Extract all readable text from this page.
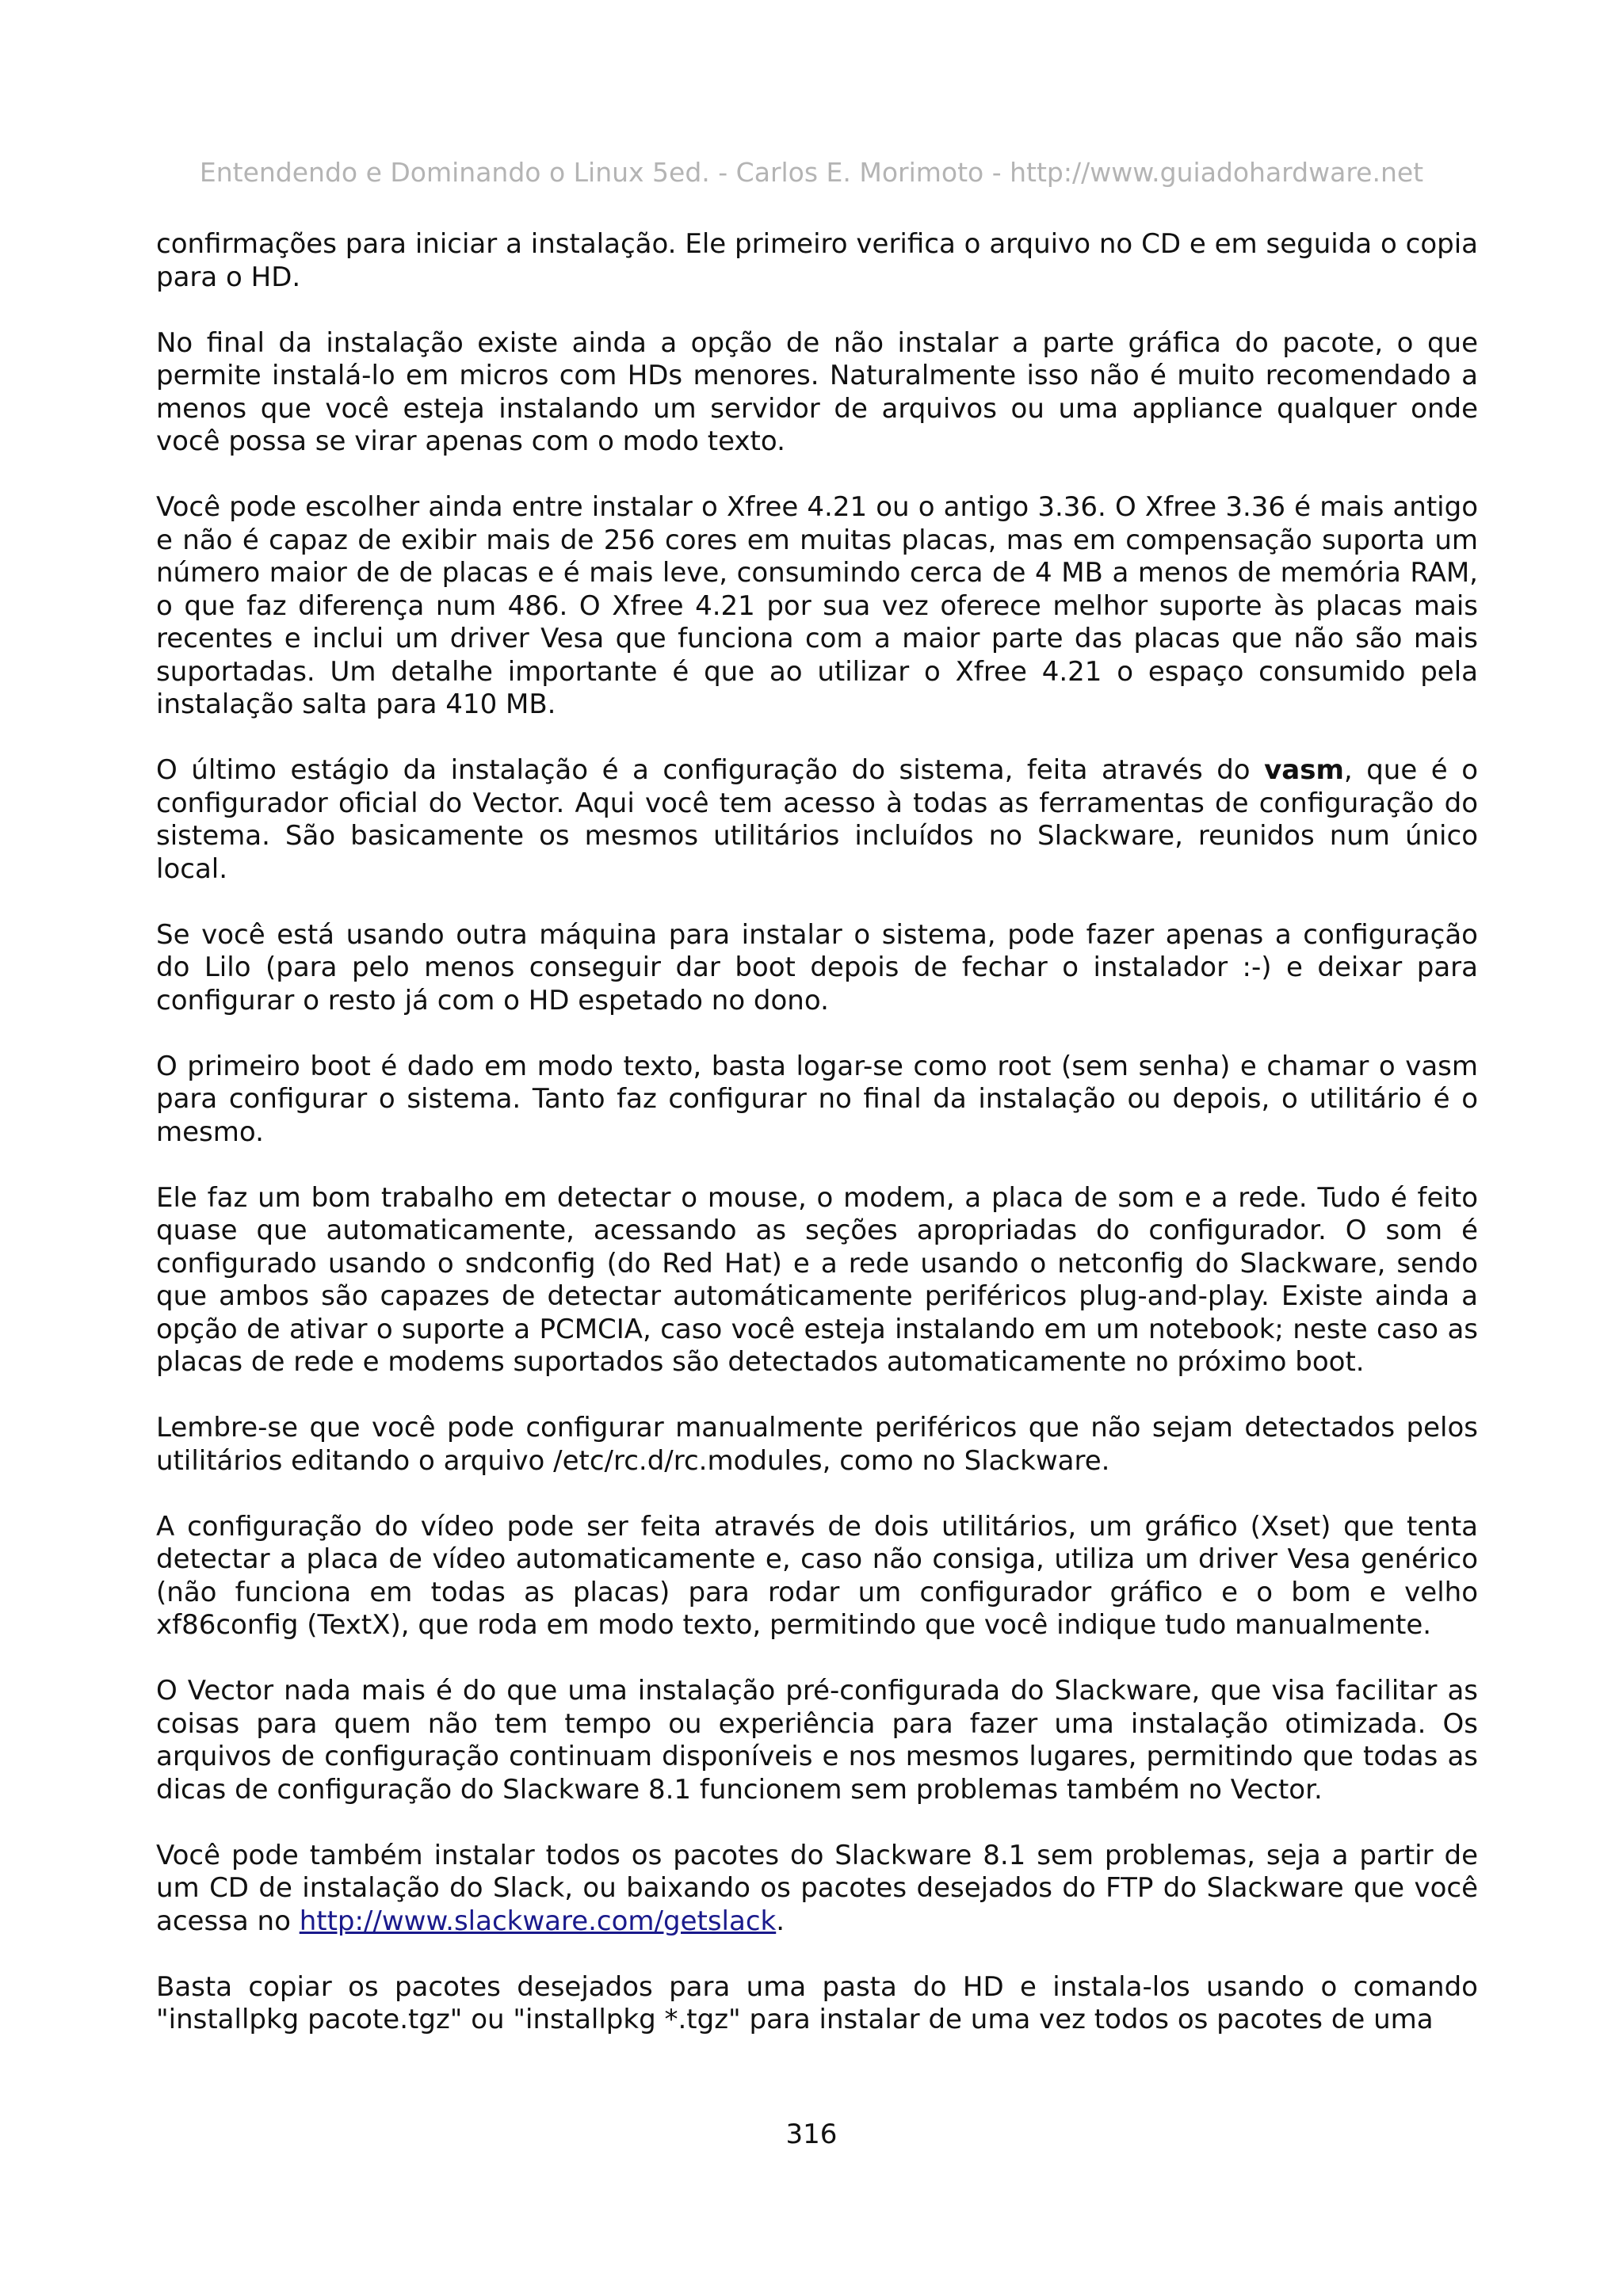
Entendendo e Dominando o Linux 5ed. - Carlos E. Morimoto - http://www.guiadohardware.net

confirmações para iniciar a instalação. Ele primeiro verifica o arquivo no CD e em seguida o copia para o HD.

No final da instalação existe ainda a opção de não instalar a parte gráfica do pacote, o que permite instalá-lo em micros com HDs menores. Naturalmente isso não é muito recomendado a menos que você esteja instalando um servidor de arquivos ou uma appliance qualquer onde você possa se virar apenas com o modo texto.

Você pode escolher ainda entre instalar o Xfree 4.21 ou o antigo 3.36. O Xfree 3.36 é mais antigo e não é capaz de exibir mais de 256 cores em muitas placas, mas em compensação suporta um número maior de de placas e é mais leve, consumindo cerca de 4 MB a menos de memória RAM, o que faz diferença num 486. O Xfree 4.21 por sua vez oferece melhor suporte às placas mais recentes e inclui um driver Vesa que funciona com a maior parte das placas que não são mais suportadas. Um detalhe importante é que ao utilizar o Xfree 4.21 o espaço consumido pela instalação salta para 410 MB.

O último estágio da instalação é a configuração do sistema, feita através do vasm, que é o configurador oficial do Vector. Aqui você tem acesso à todas as ferramentas de configuração do sistema. São basicamente os mesmos utilitários incluídos no Slackware, reunidos num único local.

Se você está usando outra máquina para instalar o sistema, pode fazer apenas a configuração do Lilo (para pelo menos conseguir dar boot depois de fechar o instalador :-) e deixar para configurar o resto já com o HD espetado no dono.

O primeiro boot é dado em modo texto, basta logar-se como root (sem senha) e chamar o vasm para configurar o sistema. Tanto faz configurar no final da instalação ou depois, o utilitário é o mesmo.

Ele faz um bom trabalho em detectar o mouse, o modem, a placa de som e a rede. Tudo é feito quase que automaticamente, acessando as seções apropriadas do configurador. O som é configurado usando o sndconfig (do Red Hat) e a rede usando o netconfig do Slackware, sendo que ambos são capazes de detectar automáticamente periféricos plug-and-play. Existe ainda a opção de ativar o suporte a PCMCIA, caso você esteja instalando em um notebook; neste caso as placas de rede e modems suportados são detectados automaticamente no próximo boot.

Lembre-se que você pode configurar manualmente periféricos que não sejam detectados pelos utilitários editando o arquivo /etc/rc.d/rc.modules, como no Slackware.

A configuração do vídeo pode ser feita através de dois utilitários, um gráfico (Xset) que tenta detectar a placa de vídeo automaticamente e, caso não consiga, utiliza um driver Vesa genérico (não funciona em todas as placas) para rodar um configurador gráfico e o bom e velho xf86config (TextX), que roda em modo texto, permitindo que você indique tudo manualmente.

O Vector nada mais é do que uma instalação pré-configurada do Slackware, que visa facilitar as coisas para quem não tem tempo ou experiência para fazer uma instalação otimizada. Os arquivos de configuração continuam disponíveis e nos mesmos lugares, permitindo que todas as dicas de configuração do Slackware 8.1 funcionem sem problemas também no Vector.

Você pode também instalar todos os pacotes do Slackware 8.1 sem problemas, seja a partir de um CD de instalação do Slack, ou baixando os pacotes desejados do FTP do Slackware que você acessa no http://www.slackware.com/getslack.

Basta copiar os pacotes desejados para uma pasta do HD e instala-los usando o comando "installpkg pacote.tgz" ou "installpkg *.tgz" para instalar de uma vez todos os pacotes de uma

316
